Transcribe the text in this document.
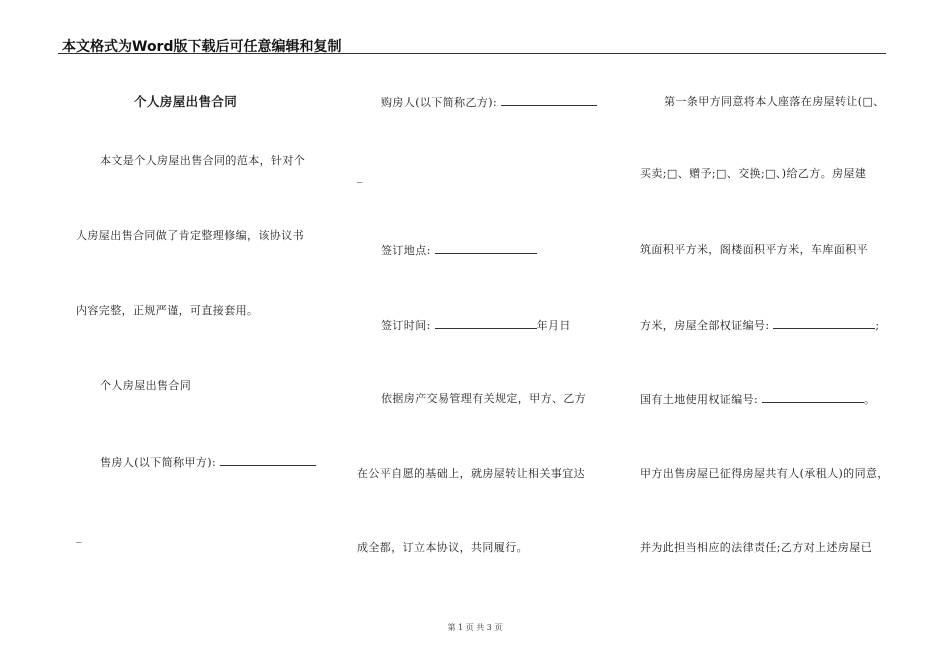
本文格式为Word版下载后可任意编辑和复制
个人房屋出售合同
本文是个人房屋出售合同的范本，针对个
人房屋出售合同做了肯定整理修编，该协议书
内容完整，正规严谨，可直接套用。
个人房屋出售合同
售房人(以下简称甲方):
_
购房人(以下简称乙方):
_
签订地点:
签订时间:	年月日
依据房产交易管理有关规定，甲方、乙方
在公平自愿的基础上，就房屋转让相关事宜达
成全都，订立本协议，共同履行。
第一条甲方同意将本人座落在房屋转让(□、
买卖;□、赠予;□、交换;□、)给乙方。房屋建
筑面积平方米，阁楼面积平方米，车库面积平
方米，房屋全部权证编号:	;
国有土地使用权证编号:	。
甲方出售房屋已征得房屋共有人(承租人)的同意，
并为此担当相应的法律责任;乙方对上述房屋已
第 1 页 共 3 页
